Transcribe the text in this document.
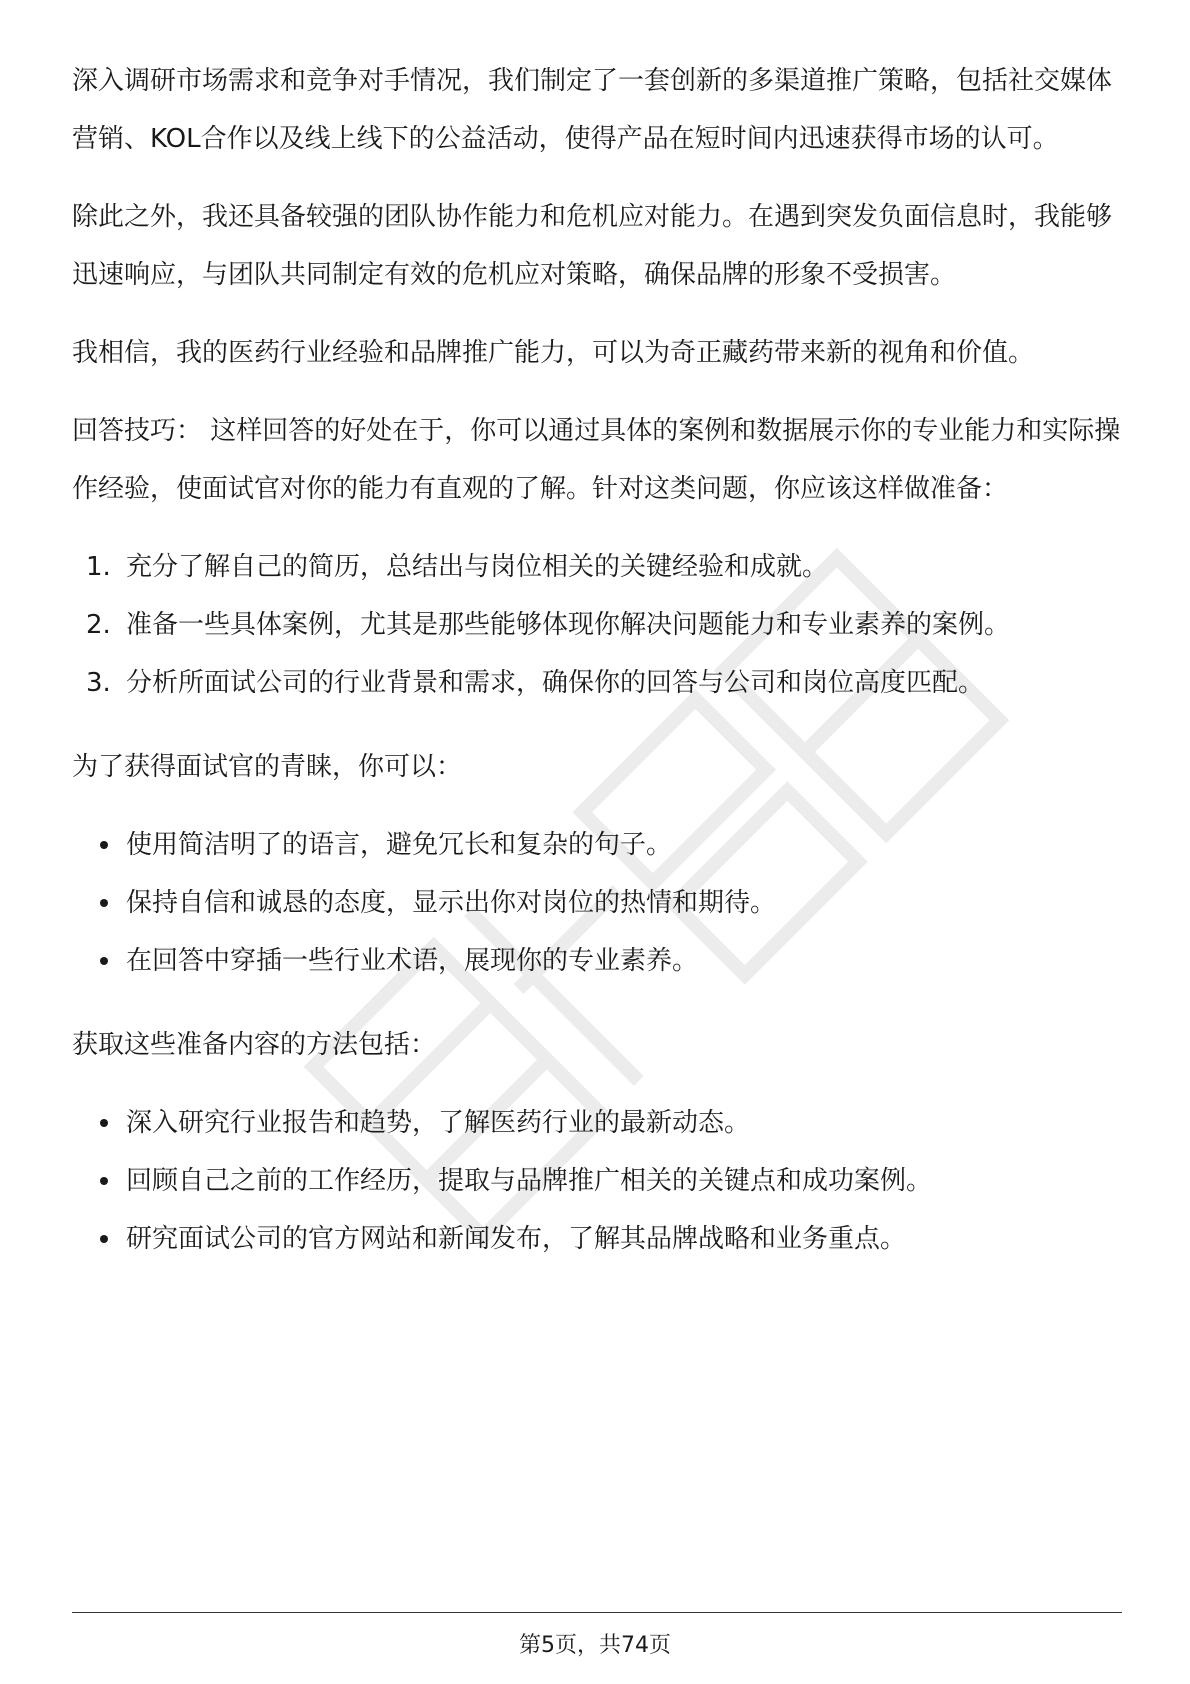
深入调研市场需求和竞争对手情况，我们制定了一套创新的多渠道推广策略，包括社交媒体营销、KOL合作以及线上线下的公益活动，使得产品在短时间内迅速获得市场的认可。

除此之外，我还具备较强的团队协作能力和危机应对能力。在遇到突发负面信息时，我能够迅速响应，与团队共同制定有效的危机应对策略，确保品牌的形象不受损害。

我相信，我的医药行业经验和品牌推广能力，可以为奇正藏药带来新的视角和价值。

回答技巧： 这样回答的好处在于，你可以通过具体的案例和数据展示你的专业能力和实际操作经验，使面试官对你的能力有直观的了解。针对这类问题，你应该这样做准备：

1. 充分了解自己的简历，总结出与岗位相关的关键经验和成就。
2. 准备一些具体案例，尤其是那些能够体现你解决问题能力和专业素养的案例。
3. 分析所面试公司的行业背景和需求，确保你的回答与公司和岗位高度匹配。

为了获得面试官的青睐，你可以：

使用简洁明了的语言，避免冗长和复杂的句子。
保持自信和诚恳的态度，显示出你对岗位的热情和期待。
在回答中穿插一些行业术语，展现你的专业素养。

获取这些准备内容的方法包括：

深入研究行业报告和趋势，了解医药行业的最新动态。
回顾自己之前的工作经历，提取与品牌推广相关的关键点和成功案例。
研究面试公司的官方网站和新闻发布，了解其品牌战略和业务重点。
第5页，共74页
